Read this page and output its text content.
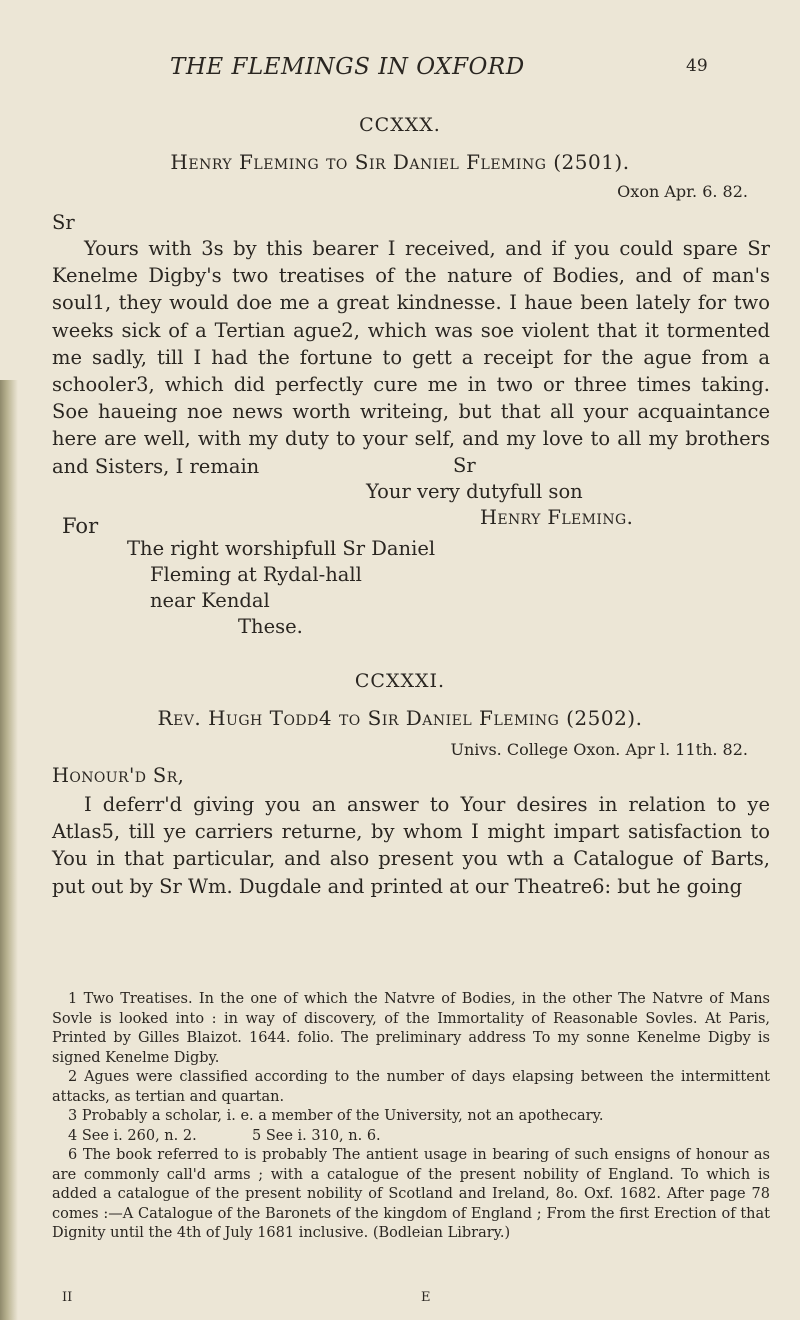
THE FLEMINGS IN OXFORD	49
CCXXX.
Henry Fleming to Sir Daniel Fleming (2501).
Oxon Apr. 6. 82.
Sr

Yours with 3s by this bearer I received, and if you could spare Sr Kenelme Digby's two treatises of the nature of Bodies, and of man's soul1, they would doe me a great kindnesse. I haue been lately for two weeks sick of a Tertian ague2, which was soe violent that it tormented me sadly, till I had the fortune to gett a receipt for the ague from a schooler3, which did perfectly cure me in two or three times taking. Soe haueing noe news worth writeing, but that all your acquaintance here are well, with my duty to your self, and my love to all my brothers and Sisters, I remain	Sr
Your very dutyfull son
Henry Fleming.
For
The right worshipfull Sr Daniel
Fleming at Rydal-hall
near Kendal
These.
CCXXXI.
Rev. Hugh Todd4 to Sir Daniel Fleming (2502).
Univs. College Oxon. Apr l. 11th. 82.
Honour'd Sr,

I deferr'd giving you an answer to Your desires in relation to ye Atlas5, till ye carriers returne, by whom I might impart satisfaction to You in that particular, and also present you wth a Catalogue of Barts, put out by Sr Wm. Dugdale and printed at our Theatre6: but he going

1 Two Treatises. In the one of which the Natvre of Bodies, in the other The Natvre of Mans Sovle is looked into : in way of discovery, of the Immortality of Reasonable Sovles. At Paris, Printed by Gilles Blaizot. 1644. folio. The preliminary address To my sonne Kenelme Digby is signed Kenelme Digby.

2 Agues were classified according to the number of days elapsing between the intermittent attacks, as tertian and quartan.

3 Probably a scholar, i. e. a member of the University, not an apothecary.

4 See i. 260, n. 2.            5 See i. 310, n. 6.

6 The book referred to is probably The antient usage in bearing of such ensigns of honour as are commonly call'd arms ; with a catalogue of the present nobility of England. To which is added a catalogue of the present nobility of Scotland and Ireland, 8o. Oxf. 1682. After page 78 comes :—A Catalogue of the Baronets of the kingdom of England ; From the first Erection of that Dignity until the 4th of July 1681 inclusive. (Bodleian Library.)

II	E
